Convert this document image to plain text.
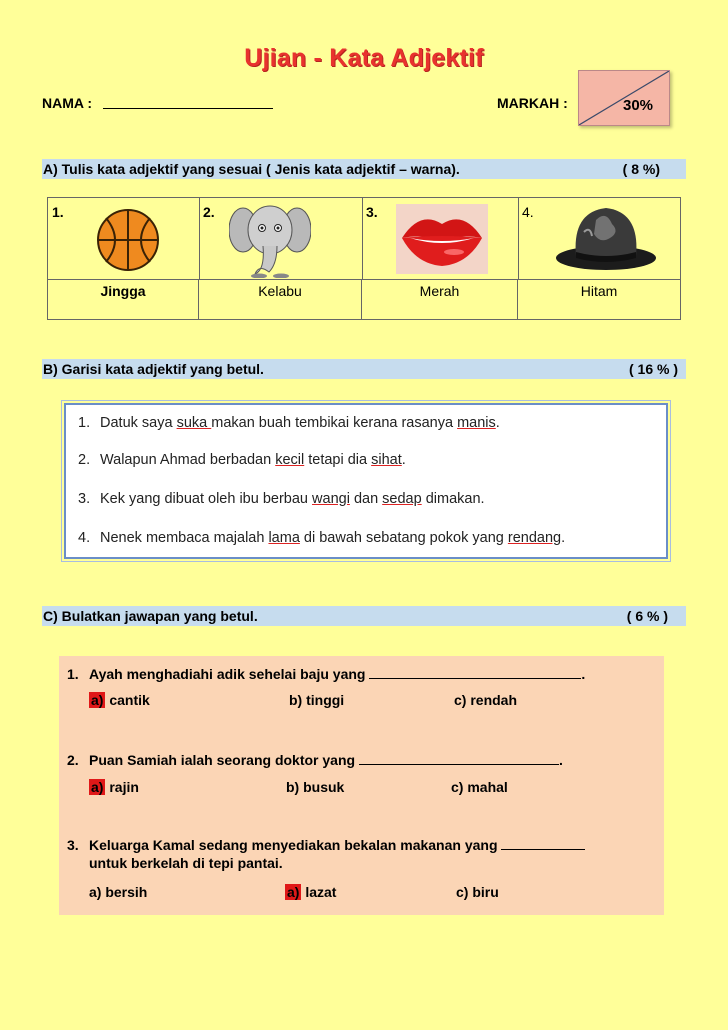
Ujian - Kata Adjektif
NAMA :	MARKAH :	30%
A) Tulis kata adjektif yang sesuai ( Jenis kata adjektif – warna).	( 8 %)
1.	2.	3.	4.
Jingga	Kelabu	Merah	Hitam
B) Garisi kata adjektif yang betul.	( 16 % )
1. Datuk saya suka makan buah tembikai kerana rasanya manis.
2. Walapun Ahmad berbadan kecil tetapi dia sihat.
3. Kek yang dibuat oleh ibu berbau wangi dan sedap dimakan.
4. Nenek membaca majalah lama di bawah sebatang pokok yang rendang.
C) Bulatkan jawapan yang betul.	( 6 % )
1. Ayah menghadiahi adik sehelai baju yang	.
a) cantik	b) tinggi	c) rendah
2. Puan Samiah ialah seorang doktor yang	.
a) rajin	b) busuk	c) mahal
3. Keluarga Kamal sedang menyediakan bekalan makanan yang
untuk berkelah di tepi pantai.
a) bersih	a) lazat	c) biru
